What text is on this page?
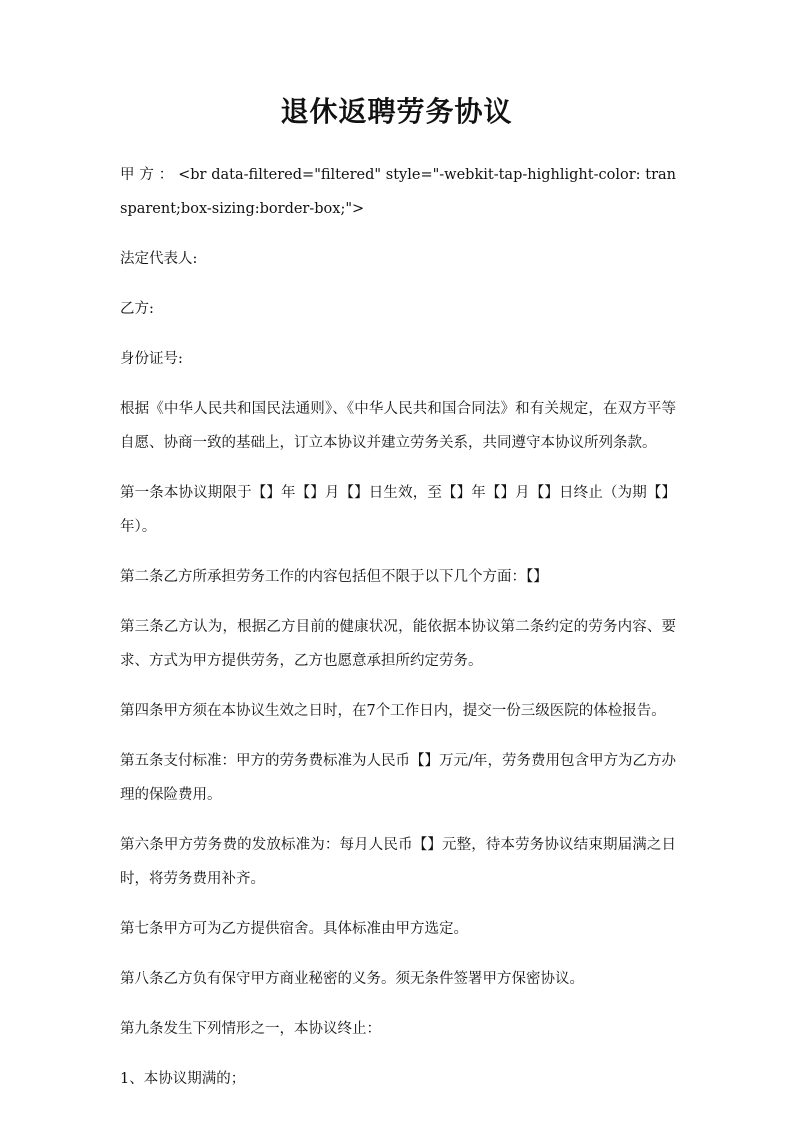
退休返聘劳务协议

甲 方 ： <br data-filtered="filtered" style="-webkit-tap-highlight-color: transparent;box-sizing:border-box;">

法定代表人:

乙方:

身份证号:

根据《中华人民共和国民法通则》、《中华人民共和国合同法》和有关规定，在双方平等自愿、协商一致的基础上，订立本协议并建立劳务关系，共同遵守本协议所列条款。

第一条本协议期限于【】年【】月【】日生效，至【】年【】月【】日终止（为期【】年）。

第二条乙方所承担劳务工作的内容包括但不限于以下几个方面：【】

第三条乙方认为，根据乙方目前的健康状况，能依据本协议第二条约定的劳务内容、要求、方式为甲方提供劳务，乙方也愿意承担所约定劳务。

第四条甲方须在本协议生效之日时，在7个工作日内，提交一份三级医院的体检报告。

第五条支付标准：甲方的劳务费标准为人民币【】万元/年，劳务费用包含甲方为乙方办理的保险费用。

第六条甲方劳务费的发放标准为：每月人民币【】元整，待本劳务协议结束期届满之日时，将劳务费用补齐。

第七条甲方可为乙方提供宿舍。具体标准由甲方选定。

第八条乙方负有保守甲方商业秘密的义务。须无条件签署甲方保密协议。

第九条发生下列情形之一，本协议终止：

1、本协议期满的；
